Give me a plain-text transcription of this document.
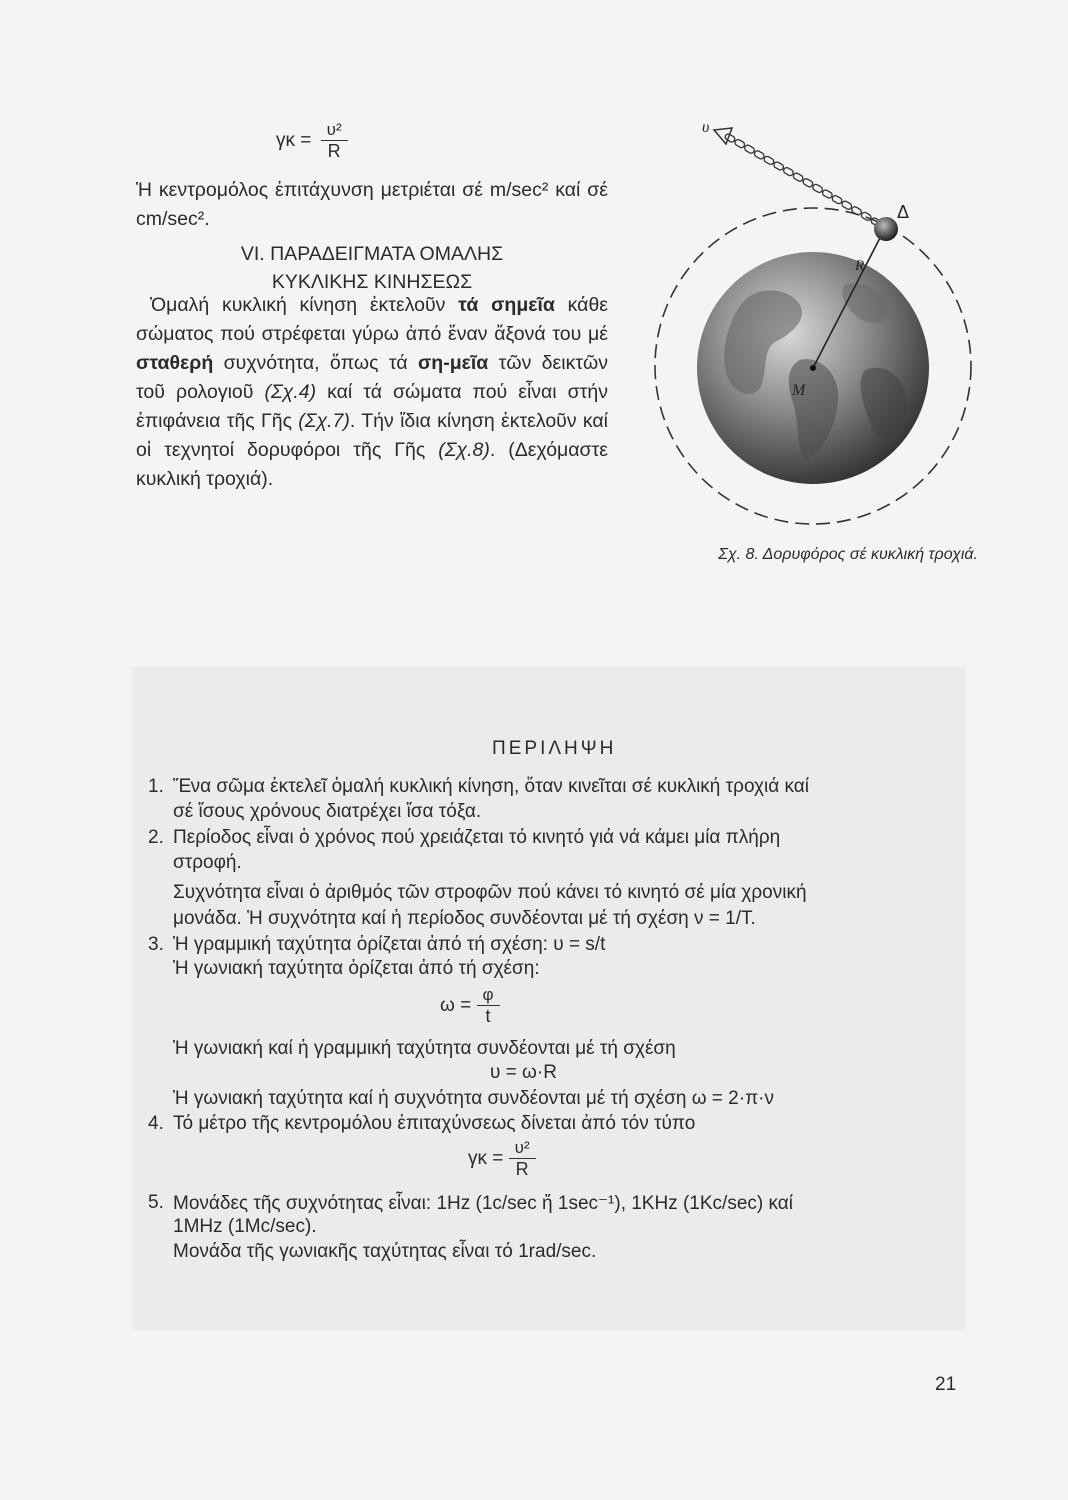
$\gamma\kappa = \frac{\text{υ²}}{R}$
Ἡ κεντρομόλος ἐπιτάχυνση μετριέται σέ m/sec² καί σέ cm/sec².
VI. ΠΑΡΑΔΕΙΓΜΑΤΑ ΟΜΑΛΗΣ
ΚΥΚΛΙΚΗΣ ΚΙΝΗΣΕΩΣ
Ὁμαλή κυκλική κίνηση ἐκτελοῦν τά σημεῖα κάθε σώματος πού στρέφεται γύρω ἀπό ἕναν ἄξονά του μέ σταθερή συχνότητα, ὅπως τά ση-μεῖα τῶν δεικτῶν τοῦ ρολογιοῦ (Σχ.4) καί τά σώματα πού εἶναι στήν ἐπιφάνεια τῆς Γῆς (Σχ.7). Τήν ἴδια κίνηση ἐκτελοῦν καί οἱ τεχνητοί δορυφόροι τῆς Γῆς (Σχ.8). (Δεχόμαστε κυκλική τροχιά).
υ
Δ
R
M
Σχ. 8. Δορυφόρος σέ κυκλική τροχιά.
ΠΕΡΙΛΗΨΗ
1. Ἕνα σῶμα ἐκτελεῖ ὁμαλή κυκλική κίνηση, ὅταν κινεῖται σέ κυκλική τροχιά καί
σέ ἴσους χρόνους διατρέχει ἴσα τόξα.
2. Περίοδος εἶναι ὁ χρόνος πού χρειάζεται τό κινητό γιά νά κάμει μία πλήρη
στροφή.
Συχνότητα εἶναι ὁ ἀριθμός τῶν στροφῶν πού κάνει τό κινητό σέ μία χρονική
μονάδα. Ἡ συχνότητα καί ἡ περίοδος συνδέονται μέ τή σχέση ν = 1/T.
3. Ἡ γραμμική ταχύτητα ὁρίζεται ἀπό τή σχέση: υ = s/t
Ἡ γωνιακή ταχύτητα ὁρίζεται ἀπό τή σχέση:
$\omega = \frac{\varphi}{t}$
Ἡ γωνιακή καί ἡ γραμμική ταχύτητα συνδέονται μέ τή σχέση
υ = ω·R
Ἡ γωνιακή ταχύτητα καί ἡ συχνότητα συνδέονται μέ τή σχέση ω = 2·π·ν
4. Τό μέτρο τῆς κεντρομόλου ἐπιταχύνσεως δίνεται ἀπό τόν τύπο
$\gamma\kappa = \frac{\text{υ²}}{R}$
5. Μονάδες τῆς συχνότητας εἶναι: 1Hz (1c/sec ἤ 1sec⁻¹), 1KHz (1Kc/sec) καί
1MHz (1Mc/sec).
Μονάδα τῆς γωνιακῆς ταχύτητας εἶναι τό 1rad/sec.
21
